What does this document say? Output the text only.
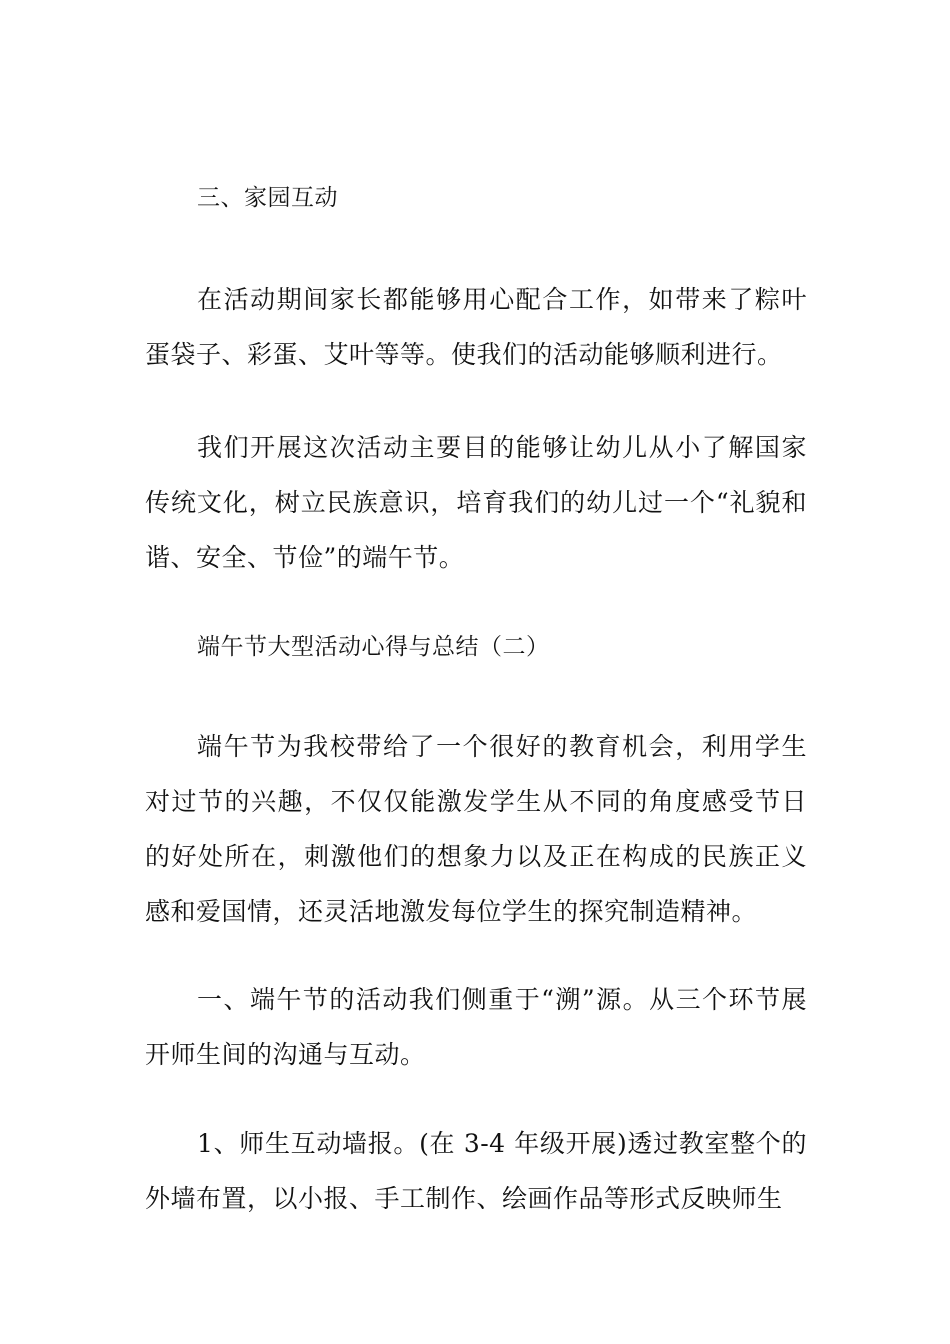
三、家园互动

在活动期间家长都能够用心配合工作，如带来了粽叶蛋袋子、彩蛋、艾叶等等。使我们的活动能够顺利进行。

我们开展这次活动主要目的能够让幼儿从小了解国家传统文化，树立民族意识，培育我们的幼儿过一个“礼貌和谐、安全、节俭”的端午节。

端午节大型活动心得与总结（二）

端午节为我校带给了一个很好的教育机会，利用学生对过节的兴趣，不仅仅能激发学生从不同的角度感受节日的好处所在，刺激他们的想象力以及正在构成的民族正义感和爱国情，还灵活地激发每位学生的探究制造精神。

一、端午节的活动我们侧重于“溯”源。从三个环节展开师生间的沟通与互动。

1、师生互动墙报。(在 3-4 年级开展)透过教室整个的外墙布置，以小报、手工制作、绘画作品等形式反映师生
